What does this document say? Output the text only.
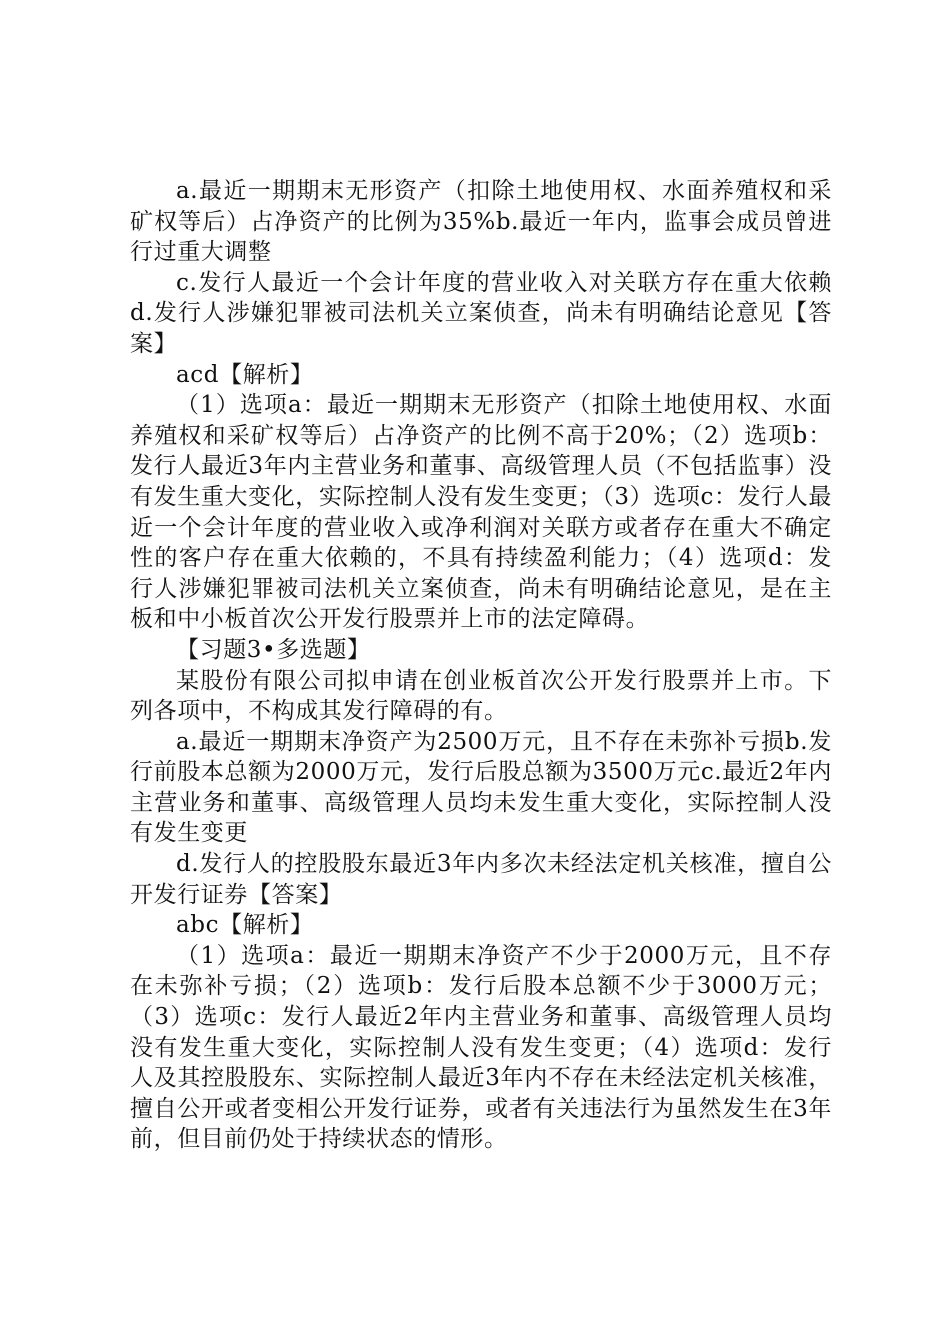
a.最近一期期末无形资产（扣除土地使用权、水面养殖权和采矿权等后）占净资产的比例为35%b.最近一年内，监事会成员曾进行过重大调整

c.发行人最近一个会计年度的营业收入对关联方存在重大依赖d.发行人涉嫌犯罪被司法机关立案侦查，尚未有明确结论意见【答案】

acd【解析】

（1）选项a：最近一期期末无形资产（扣除土地使用权、水面养殖权和采矿权等后）占净资产的比例不高于20%；（2）选项b：发行人最近3年内主营业务和董事、高级管理人员（不包括监事）没有发生重大变化，实际控制人没有发生变更；（3）选项c：发行人最近一个会计年度的营业收入或净利润对关联方或者存在重大不确定性的客户存在重大依赖的，不具有持续盈利能力；（4）选项d：发行人涉嫌犯罪被司法机关立案侦查，尚未有明确结论意见，是在主板和中小板首次公开发行股票并上市的法定障碍。

【习题3•多选题】

某股份有限公司拟申请在创业板首次公开发行股票并上市。下列各项中，不构成其发行障碍的有。

a.最近一期期末净资产为2500万元，且不存在未弥补亏损b.发行前股本总额为2000万元，发行后股总额为3500万元c.最近2年内主营业务和董事、高级管理人员均未发生重大变化，实际控制人没有发生变更

d.发行人的控股股东最近3年内多次未经法定机关核准，擅自公开发行证券【答案】

abc【解析】

（1）选项a：最近一期期末净资产不少于2000万元，且不存在未弥补亏损；（2）选项b：发行后股本总额不少于3000万元；（3）选项c：发行人最近2年内主营业务和董事、高级管理人员均没有发生重大变化，实际控制人没有发生变更；（4）选项d：发行人及其控股股东、实际控制人最近3年内不存在未经法定机关核准，擅自公开或者变相公开发行证券，或者有关违法行为虽然发生在3年前，但目前仍处于持续状态的情形。
